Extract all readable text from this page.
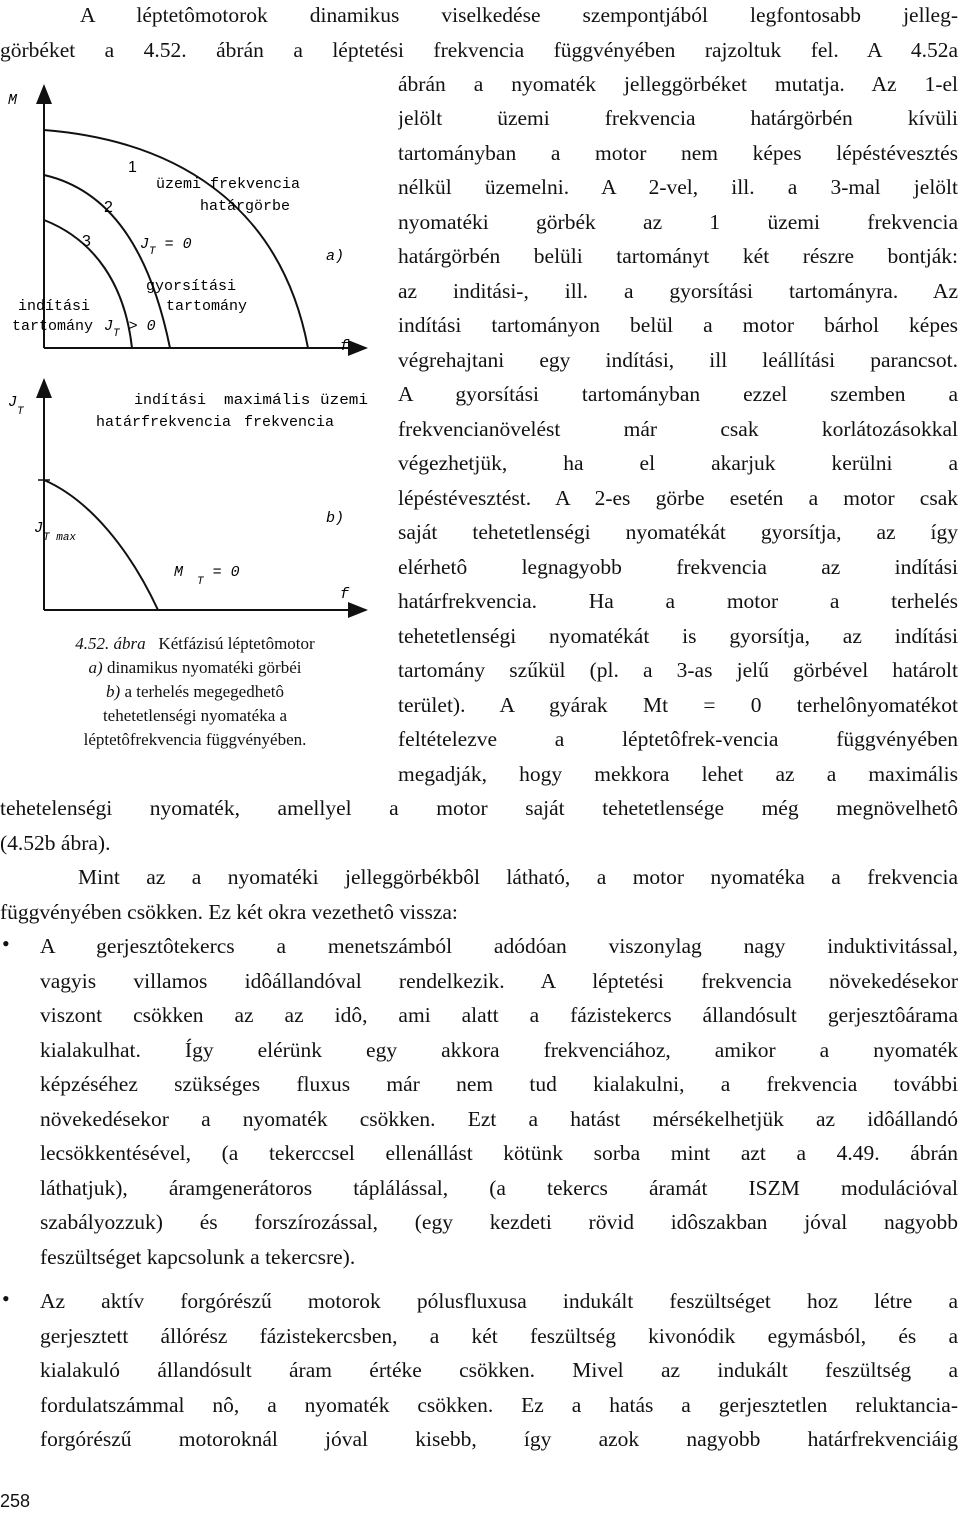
M
1
2
3
üzemi frekvencia
határgörbe
$J_T = 0$
a)
gyorsítási
tartomány
indítási
tartomány $J_T > 0$
f
$J_T$
indítási
határfrekvencia
maximális üzemi
frekvencia
b)
$J_{T max}$
$M_T = 0$
f
4.52. ábra Kétfázisú léptetômotor
a) dinamikus nyomatéki görbéi
b) a terhelés megegedhetô
tehetetlenségi nyomatéka a
léptetôfrekvencia függvényében.
A léptetômotorok dinamikus viselkedése szempontjából legfontosabb jelleg-
görbéket a 4.52. ábrán a léptetési frekvencia függvényében rajzoltuk fel. A 4.52a
ábrán a nyomaték jelleggörbéket mutatja. Az 1-el
jelölt üzemi frekvencia határgörbén kívüli
tartományban a motor nem képes lépéstévesztés
nélkül üzemelni. A 2-vel, ill. a 3-mal jelölt
nyomatéki görbék az 1 üzemi frekvencia
határgörbén belüli tartományt két részre bontják:
az inditási-, ill. a gyorsítási tartományra. Az
indítási tartományon belül a motor bárhol képes
végrehajtani egy indítási, ill leállítási parancsot.
A gyorsítási tartományban ezzel szemben a
frekvencianövelést már csak korlátozásokkal
végezhetjük, ha el akarjuk kerülni a
lépéstévesztést. A 2-es görbe esetén a motor csak
saját tehetetlenségi nyomatékát gyorsítja, az így
elérhetô legnagyobb frekvencia az indítási
határfrekvencia. Ha a motor a terhelés
tehetetlenségi nyomatékát is gyorsítja, az indítási
tartomány szűkül (pl. a 3-as jelű görbével határolt
terület). A gyárak Mt = 0 terhelônyomatékot
feltételezve a léptetôfrek-vencia függvényében
megadják, hogy mekkora lehet az a maximális
tehetelenségi nyomaték, amellyel a motor saját tehetetlensége még megnövelhetô
(4.52b ábra).
Mint az a nyomatéki jelleggörbékbôl látható, a motor nyomatéka a frekvencia
függvényében csökken. Ez két okra vezethetô vissza:
• A gerjesztôtekercs a menetszámból adódóan viszonylag nagy induktivitással,
vagyis villamos idôállandóval rendelkezik. A léptetési frekvencia növekedésekor
viszont csökken az az idô, ami alatt a fázistekercs állandósult gerjesztôárama
kialakulhat. Így elérünk egy akkora frekvenciához, amikor a nyomaték
képzéséhez szükséges fluxus már nem tud kialakulni, a frekvencia további
növekedésekor a nyomaték csökken. Ezt a hatást mérsékelhetjük az idôállandó
lecsökkentésével, (a tekerccsel ellenállást kötünk sorba mint azt a 4.49. ábrán
láthatjuk), áramgenerátoros táplálással, (a tekercs áramát ISZM modulációval
szabályozzuk) és forszírozással, (egy kezdeti rövid idôszakban jóval nagyobb
feszültséget kapcsolunk a tekercsre).
• Az aktív forgórészű motorok pólusfluxusa indukált feszültséget hoz létre a
gerjesztett állórész fázistekercsben, a két feszültség kivonódik egymásból, és a
kialakuló állandósult áram értéke csökken. Mivel az indukált feszültség a
fordulatszámmal nô, a nyomaték csökken. Ez a hatás a gerjesztetlen reluktancia-
forgórészű motoroknál jóval kisebb, így azok nagyobb határfrekvenciáig
258
